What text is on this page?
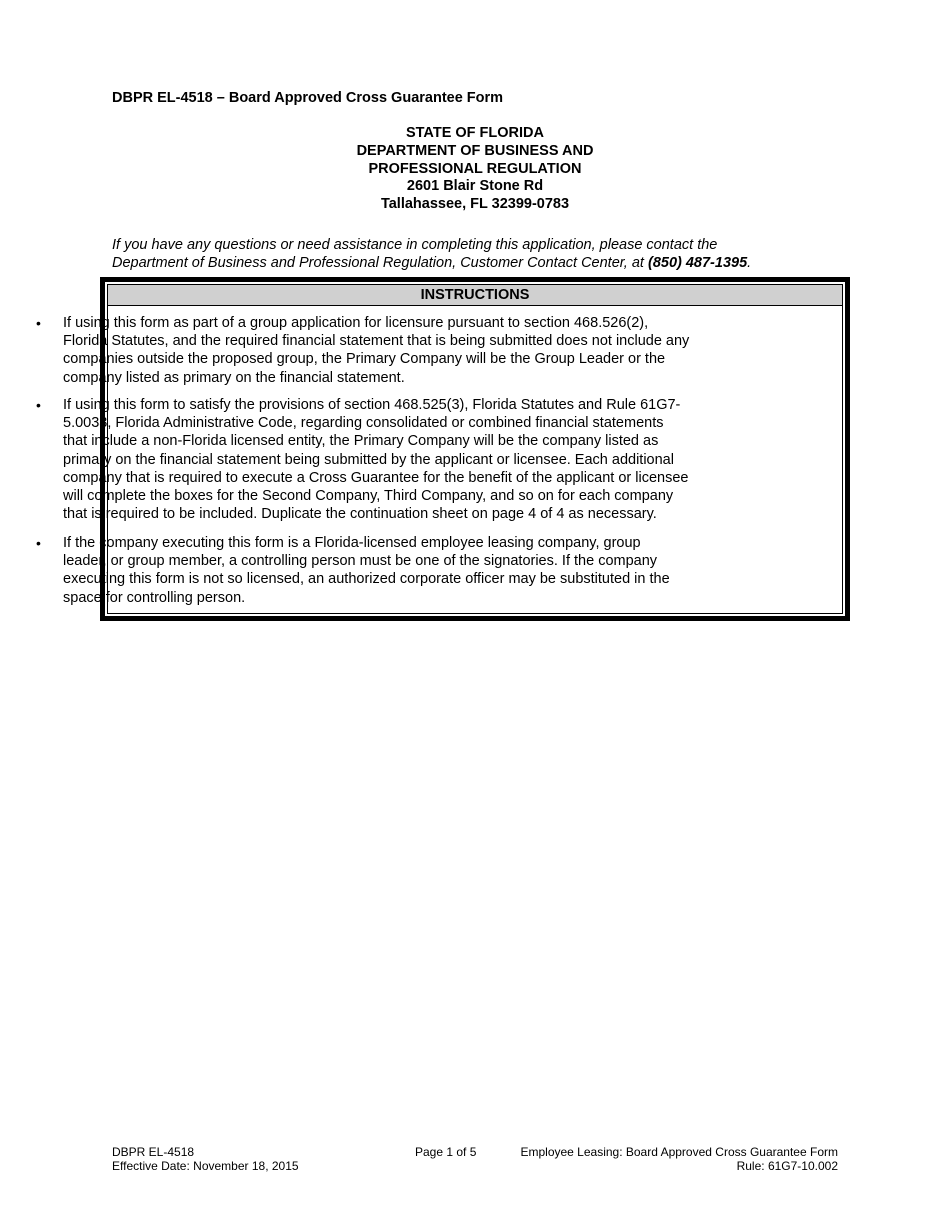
DBPR EL-4518 – Board Approved Cross Guarantee Form
STATE OF FLORIDA
DEPARTMENT OF BUSINESS AND
PROFESSIONAL REGULATION
2601 Blair Stone Rd
Tallahassee, FL 32399-0783
If you have any questions or need assistance in completing this application, please contact the
Department of Business and Professional Regulation, Customer Contact Center, at (850) 487-1395.
INSTRUCTIONS
• If using this form as part of a group application for licensure pursuant to section 468.526(2),
Florida Statutes, and the required financial statement that is being submitted does not include any
companies outside the proposed group, the Primary Company will be the Group Leader or the
company listed as primary on the financial statement.
• If using this form to satisfy the provisions of section 468.525(3), Florida Statutes and Rule 61G7-
5.0033, Florida Administrative Code, regarding consolidated or combined financial statements
that include a non-Florida licensed entity, the Primary Company will be the company listed as
primary on the financial statement being submitted by the applicant or licensee. Each additional
company that is required to execute a Cross Guarantee for the benefit of the applicant or licensee
will complete the boxes for the Second Company, Third Company, and so on for each company
that is required to be included. Duplicate the continuation sheet on page 4 of 4 as necessary.
• If the company executing this form is a Florida-licensed employee leasing company, group
leader, or group member, a controlling person must be one of the signatories. If the company
executing this form is not so licensed, an authorized corporate officer may be substituted in the
space for controlling person.
DBPR EL-4518
Effective Date: November 18, 2015
Page 1 of 5	Employee Leasing: Board Approved Cross Guarantee Form
Rule: 61G7-10.002
